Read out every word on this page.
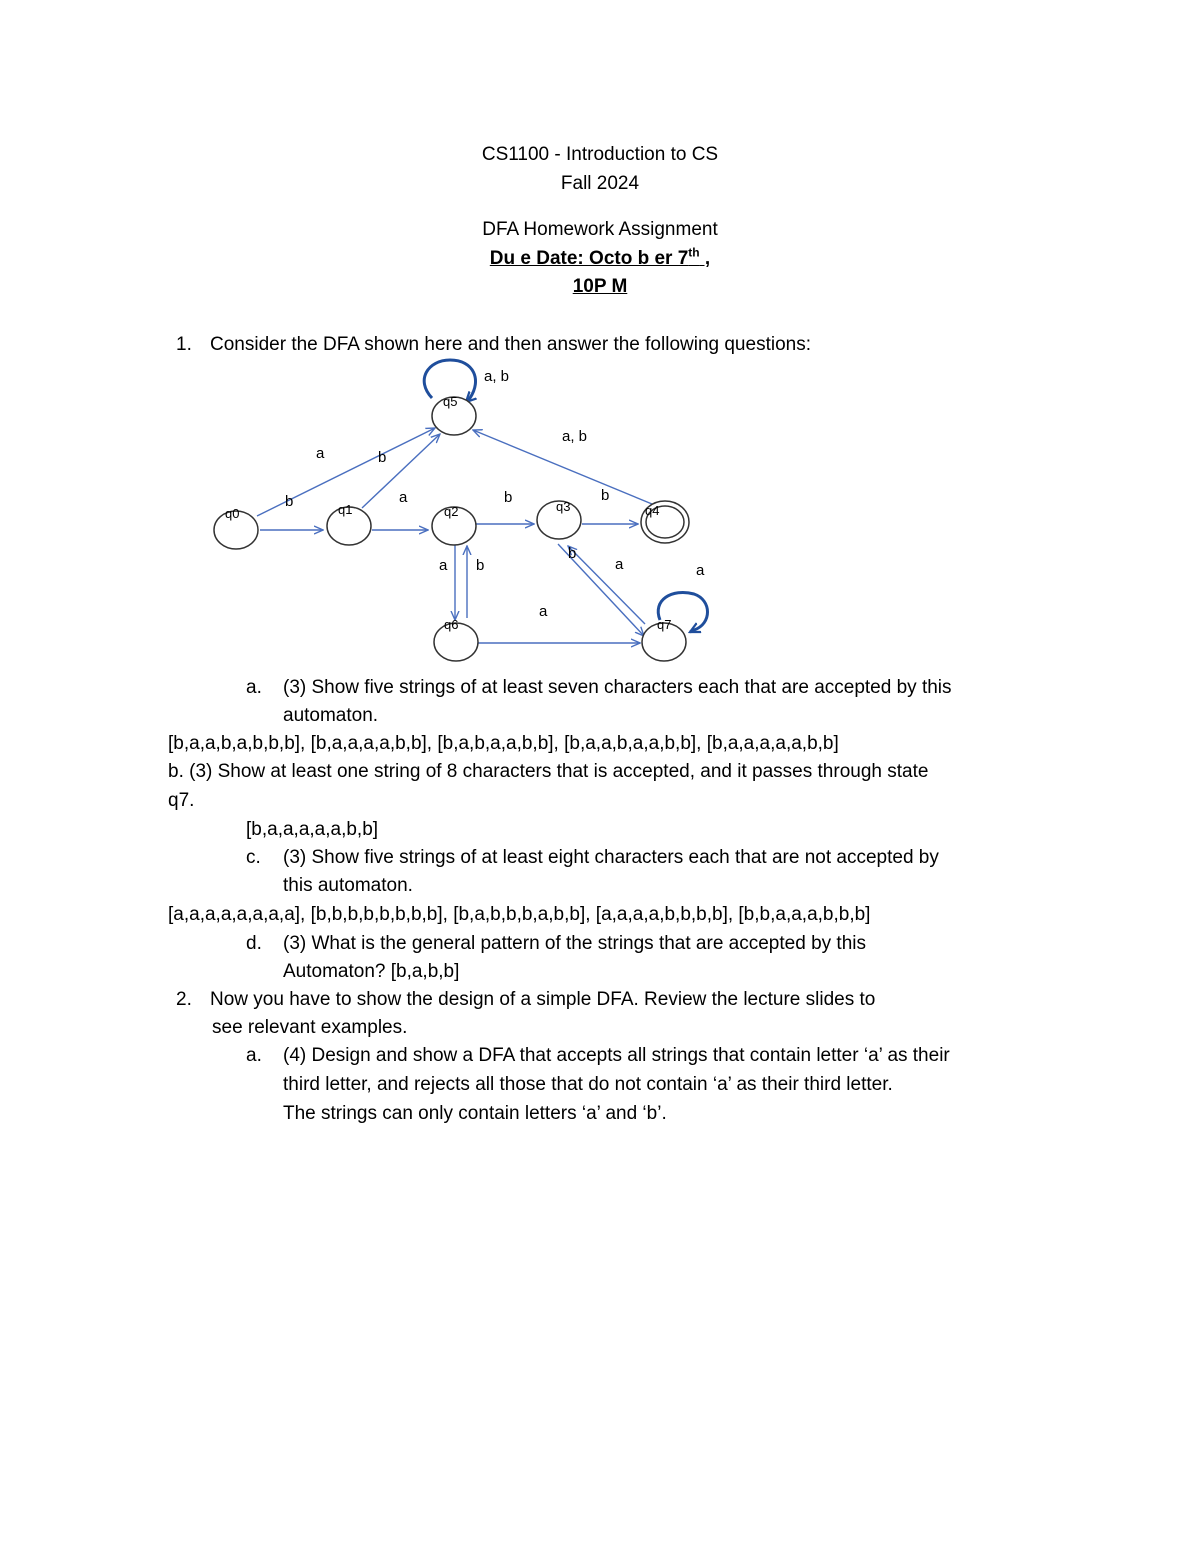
CS1100 - Introduction to CS
Fall 2024
DFA Homework Assignment
Du e Date: Octo b er 7th ,
10P M
1. Consider the DFA shown here and then answer the following questions:
q0	q1	q2	q3	q4
q5
q6	q7
a, b
a
b
b
a	b	b
a, b
a b
b
a
a
a
a. (3) Show five strings of at least seven characters each that are accepted by this
automaton.
[b,a,a,b,a,b,b,b], [b,a,a,a,a,b,b], [b,a,b,a,a,b,b], [b,a,a,b,a,a,b,b], [b,a,a,a,a,a,b,b]
b. (3) Show at least one string of 8 characters that is accepted, and it passes through state
q7.
[b,a,a,a,a,a,b,b]
c. (3) Show five strings of at least eight characters each that are not accepted by
this automaton.
[a,a,a,a,a,a,a,a], [b,b,b,b,b,b,b,b], [b,a,b,b,b,a,b,b], [a,a,a,a,b,b,b,b], [b,b,a,a,a,b,b,b]
d. (3) What is the general pattern of the strings that are accepted by this
Automaton? [b,a,b,b]
2. Now you have to show the design of a simple DFA. Review the lecture slides to
see relevant examples.
a. (4) Design and show a DFA that accepts all strings that contain letter ‘a’ as their
third letter, and rejects all those that do not contain ‘a’ as their third letter.
The strings can only contain letters ‘a’ and ‘b’.
